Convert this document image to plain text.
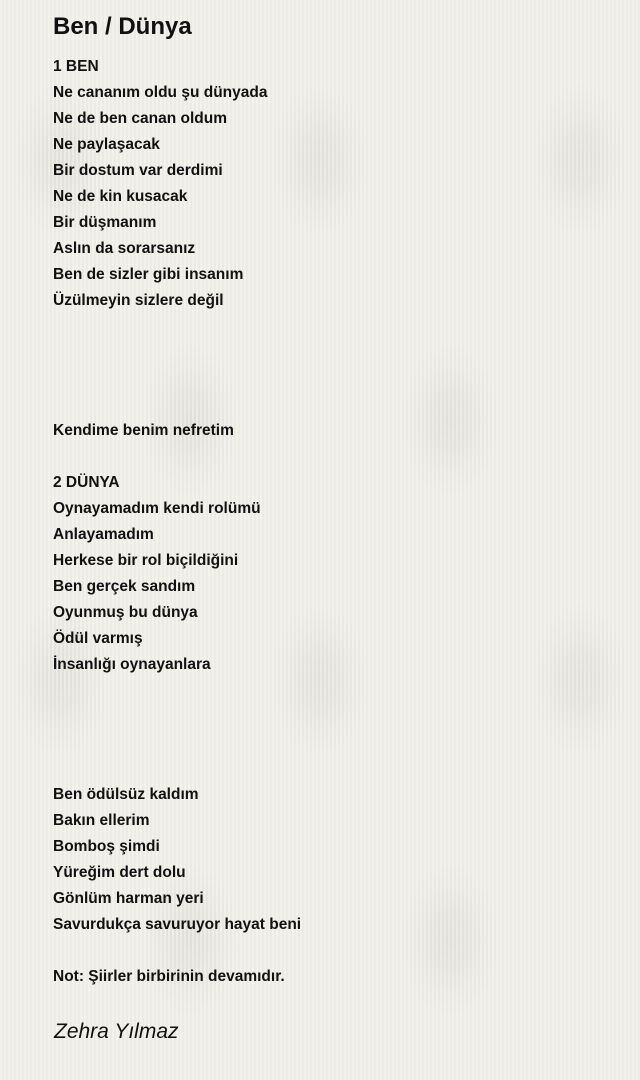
Ben / Dünya
1 BEN
Ne cananım oldu şu dünyada
Ne de ben canan oldum
Ne paylaşacak
Bir dostum var derdimi
Ne de kin kusacak
Bir düşmanım
Aslın da sorarsanız
Ben de sizler gibi insanım
Üzülmeyin sizlere değil
Kendime benim nefretim
2 DÜNYA
Oynayamadım kendi rolümü
Anlayamadım
Herkese bir rol biçildiğini
Ben gerçek sandım
Oyunmuş bu dünya
Ödül varmış
İnsanlığı oynayanlara
Ben ödülsüz kaldım
Bakın ellerim
Bomboş şimdi
Yüreğim dert dolu
Gönlüm harman yeri
Savurdukça savuruyor hayat beni
Not: Şiirler birbirinin devamıdır.
Zehra Yılmaz
